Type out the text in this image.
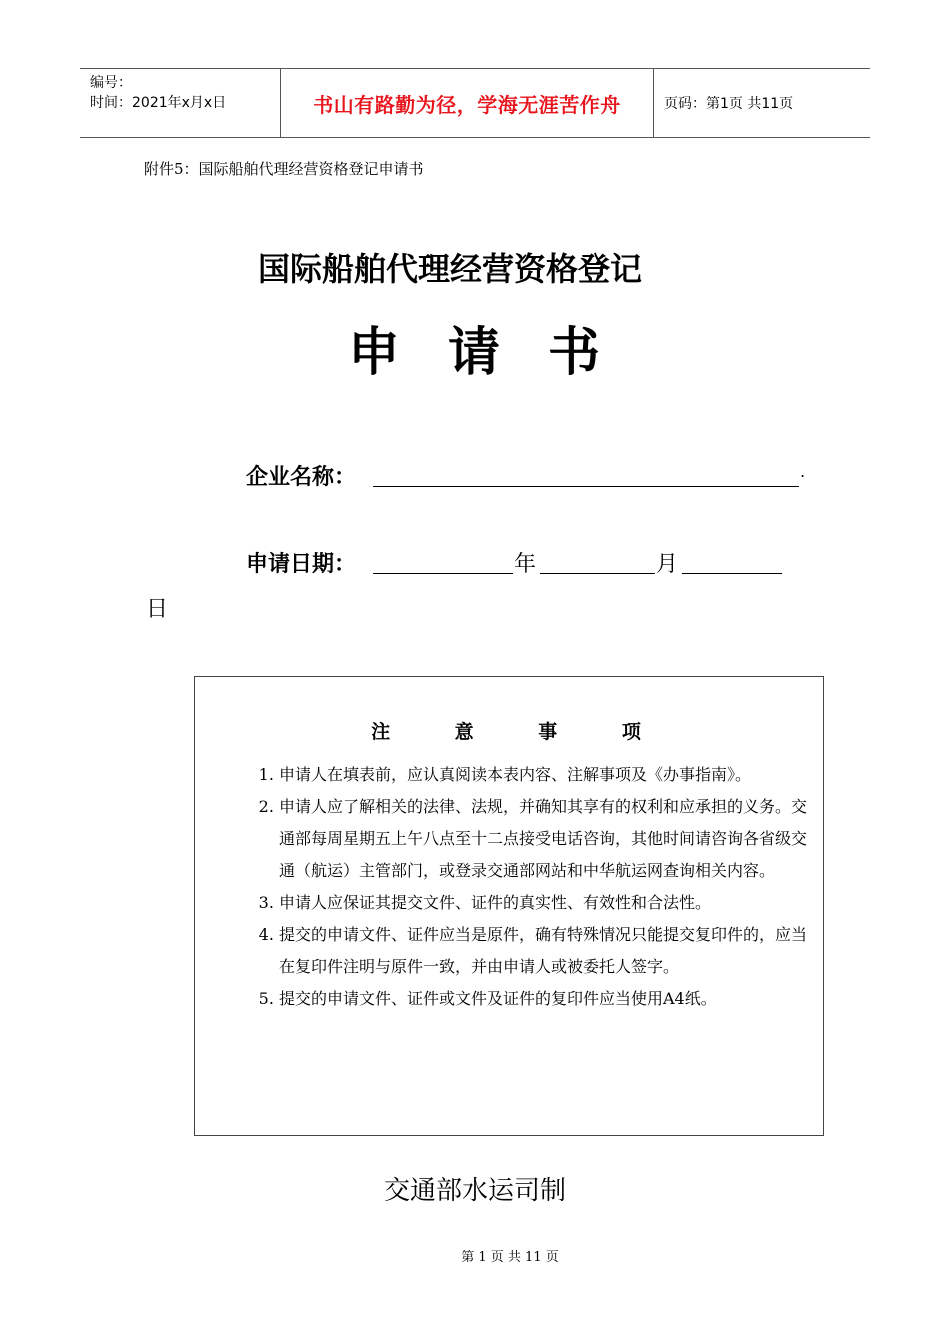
编号：
时间：2021年x月x日	书山有路勤为径，学海无涯苦作舟	页码：第1页 共11页
附件5：国际船舶代理经营资格登记申请书
国际船舶代理经营资格登记
申 请 书
企业名称：	.
申请日期：	年	月
日
注 意 事 项
1. 申请人在填表前，应认真阅读本表内容、注解事项及《办事指南》。
2. 申请人应了解相关的法律、法规，并确知其享有的权利和应承担的义务。交通部每周星期五上午八点至十二点接受电话咨询，其他时间请咨询各省级交通（航运）主管部门，或登录交通部网站和中华航运网查询相关内容。
3. 申请人应保证其提交文件、证件的真实性、有效性和合法性。
4. 提交的申请文件、证件应当是原件，确有特殊情况只能提交复印件的，应当在复印件注明与原件一致，并由申请人或被委托人签字。
5. 提交的申请文件、证件或文件及证件的复印件应当使用A4纸。
交通部水运司制
第 1 页 共 11 页
